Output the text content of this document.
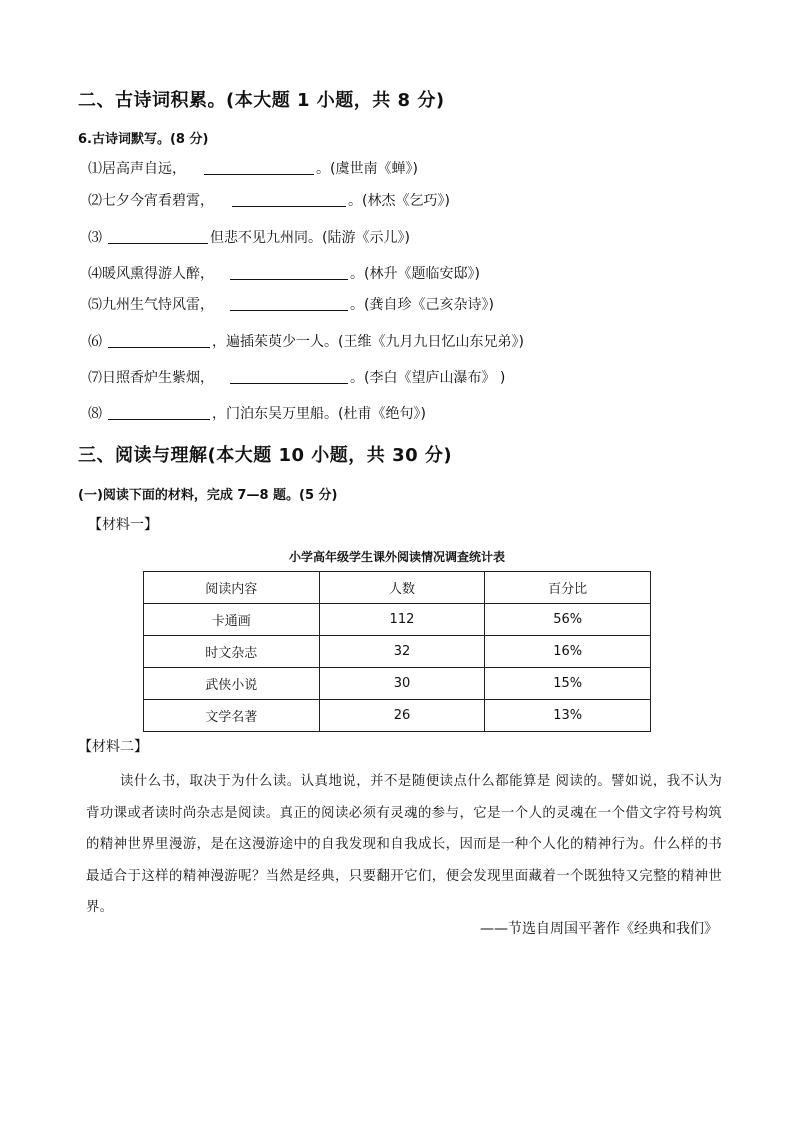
二、古诗词积累。(本大题 1 小题，共 8 分)
6.古诗词默写。(8 分)
⑴居高声自远，	。(虞世南《蝉》)
⑵七夕今宵看碧霄，	。(林杰《乞巧》)
⑶	但悲不见九州同。(陆游《示儿》)
⑷暖风熏得游人醉，	。(林升《题临安邸》)
⑸九州生气恃风雷，	。(龚自珍《己亥杂诗》)
⑹	，遍插茱萸少一人。(王维《九月九日忆山东兄弟》)
⑺日照香炉生紫烟，	。(李白《望庐山瀑布》 )
⑻	，门泊东吴万里船。(杜甫《绝句》)
三、阅读与理解(本大题 10 小题，共 30 分)
(一)阅读下面的材料，完成 7—8 题。(5 分)
【材料一】
小学高年级学生课外阅读情况调查统计表
阅读内容	人数	百分比
卡通画	112	56%
时文杂志	32	16%
武侠小说	30	15%
文学名著	26	13%
【材料二】
读什么书，取决于为什么读。认真地说，并不是随便读点什么都能算是 阅读的。譬如说，我不认为背功课或者读时尚杂志是阅读。真正的阅读必须有灵魂的参与，它是一个人的灵魂在一个借文字符号构筑的精神世界里漫游，是在这漫游途中的自我发现和自我成长，因而是一种个人化的精神行为。什么样的书最适合于这样的精神漫游呢？当然是经典，只要翻开它们，便会发现里面藏着一个既独特又完整的精神世界。
——节选自周国平著作《经典和我们》
